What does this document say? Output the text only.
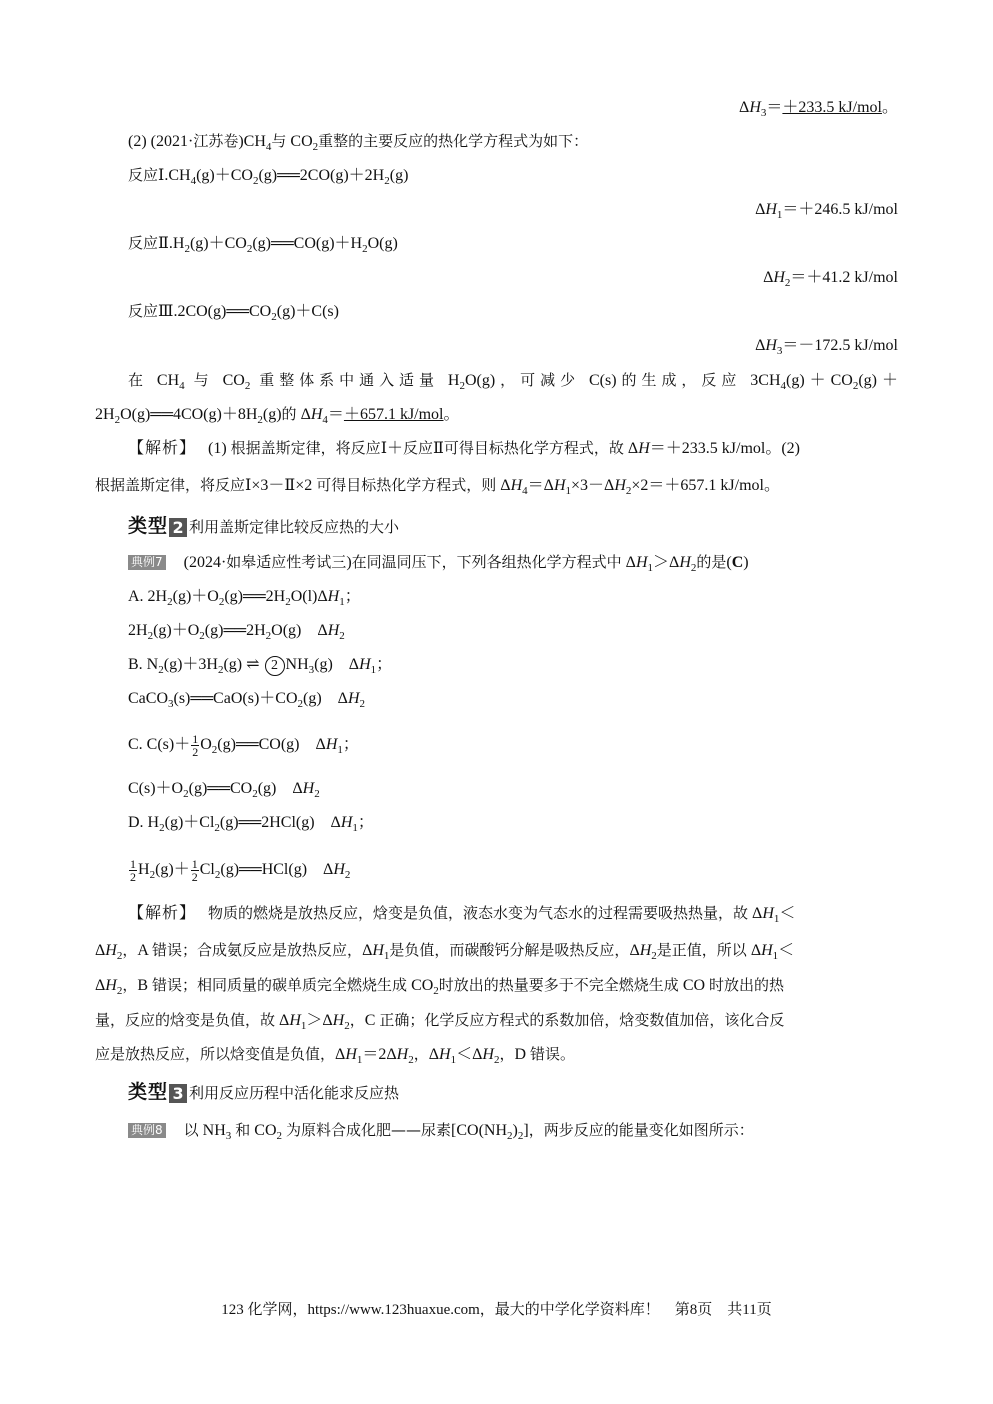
$\Delta H_3=+233.5$ kJ/mol。
(2) (2021·江苏卷)$CH_4$与 $CO_2$重整的主要反应的热化学方程式为如下：
反应$Ⅰ.CH_4(g)+CO_2(g)══2CO(g)+2H_2(g)$
$\Delta H_1=+246.5$ kJ/mol
反应$Ⅱ.H_2(g)+CO_2(g)══CO(g)+H_2O(g)$
$\Delta H_2=+41.2$ kJ/mol
反应$Ⅲ.2CO(g)══CO_2(g)+C(s)$
$\Delta H_3=-172.5$ kJ/mol
在 $CH_4$ 与 $CO_2$ 重整体系中通入适量 $H_2O(g)$，可减少 C(s)的生成，反应 $3CH_4(g)+CO_2(g)+$
$2H_2O(g)══4CO(g)+8H_2(g)$的 $\Delta H_4=+657.1$ kJ/mol。
【解析】 (1) 根据盖斯定律，将反应Ⅰ＋反应Ⅱ可得目标热化学方程式，故 ΔH＝＋233.5 kJ/mol。(2)
根据盖斯定律，将反应Ⅰ×3－Ⅱ×2 可得目标热化学方程式，则 $\Delta H_4=\Delta H_1\times 3-\Delta H_2\times 2=+657.1$ kJ/mol。
类型 2 利用盖斯定律比较反应热的大小
典例7 (2024·如皋适应性考试三)在同温同压下，下列各组热化学方程式中 $\Delta H_1>\Delta H_2$的是(C)
A. $2H_2(g)+O_2(g)══2H_2O(l)\Delta H_1$；
$2H_2(g)+O_2(g)══2H_2O(g)$　$\Delta H_2$
B. $N_2(g)+3H_2(g)$ ⇌ 2 $NH_3(g)$　$\Delta H_1$；
$CaCO_3(s)══CaO(s)+CO_2(g)$　$\Delta H_2$
C. $C(s)+ \frac{1}{2}$ $O_2(g)══CO(g)$　$\Delta H_1$；
$C(s)+O_2(g)══CO_2(g)$　$\Delta H_2$
D. $H_2(g)+Cl_2(g)══2HCl(g)$　$\Delta H_1$；
$\frac{1}{2} H_2(g)+ \frac{1}{2}$ $Cl_2(g)══HCl(g)$　$\Delta H_2$
【解析】 物质的燃烧是放热反应，焓变是负值，液态水变为气态水的过程需要吸热热量，故 $\Delta H_1<$
$\Delta H_2$，A 错误；合成氨反应是放热反应，$\Delta H_1$是负值，而碳酸钙分解是吸热反应，$\Delta H_2$是正值，所以 $\Delta H_1<$
$\Delta H_2$，B 错误；相同质量的碳单质完全燃烧生成 $CO_2$时放出的热量要多于不完全燃烧生成 CO 时放出的热
量，反应的焓变是负值，故 $\Delta H_1>\Delta H_2$，C 正确；化学反应方程式的系数加倍，焓变数值加倍，该化合反
应是放热反应，所以焓变值是负值，$\Delta H_1=2\Delta H_2$，$\Delta H_1<\Delta H_2$，D 错误。
类型 3 利用反应历程中活化能求反应热
典例8 以 $NH_3$ 和 $CO_2$ 为原料合成化肥——尿素$[CO(NH_2)_2]$，两步反应的能量变化如图所示：
123 化学网，https://www.123huaxue.com，最大的中学化学资料库！　第8页　共11页
